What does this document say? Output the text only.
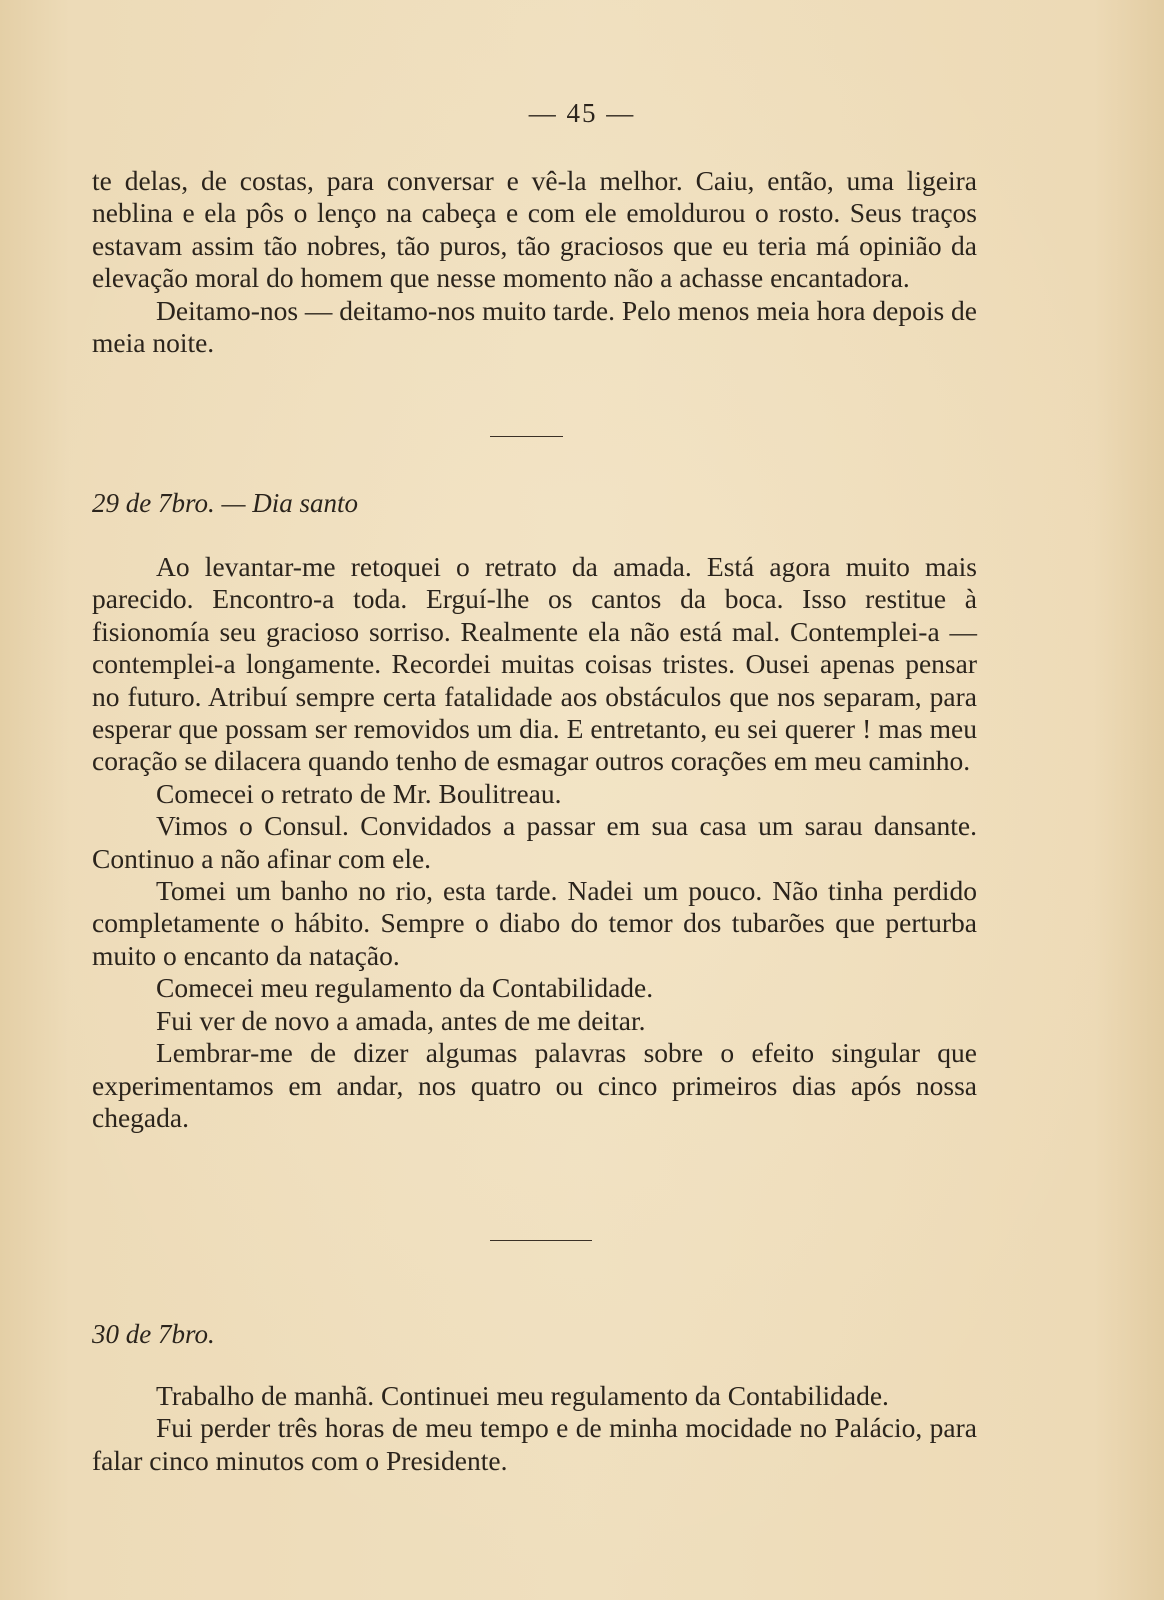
— 45 —

te delas, de costas, para conversar e vê-la melhor. Caiu, então, uma ligeira neblina e ela pôs o lenço na cabeça e com ele emoldurou o rosto. Seus traços estavam assim tão nobres, tão puros, tão graciosos que eu teria má opinião da elevação moral do homem que nesse momento não a achasse encantadora.

Deitamo-nos — deitamo-nos muito tarde. Pelo menos meia hora depois de meia noite.

29 de 7bro. — Dia santo

Ao levantar-me retoquei o retrato da amada. Está agora muito mais parecido. Encontro-a toda. Erguí-lhe os cantos da boca. Isso restitue à fisionomía seu gracioso sorriso. Realmente ela não está mal. Contemplei-a — contemplei-a longamente. Recordei muitas coisas tristes. Ousei apenas pensar no futuro. Atribuí sempre certa fatalidade aos obstáculos que nos separam, para esperar que possam ser removidos um dia. E entretanto, eu sei querer ! mas meu coração se dilacera quando tenho de esmagar outros corações em meu caminho.

Comecei o retrato de Mr. Boulitreau.

Vimos o Consul. Convidados a passar em sua casa um sarau dansante. Continuo a não afinar com ele.

Tomei um banho no rio, esta tarde. Nadei um pouco. Não tinha perdido completamente o hábito. Sempre o diabo do temor dos tubarões que perturba muito o encanto da natação.

Comecei meu regulamento da Contabilidade.

Fui ver de novo a amada, antes de me deitar.

Lembrar-me de dizer algumas palavras sobre o efeito singular que experimentamos em andar, nos quatro ou cinco primeiros dias após nossa chegada.

30 de 7bro.

Trabalho de manhã. Continuei meu regulamento da Contabilidade.

Fui perder três horas de meu tempo e de minha mocidade no Palácio, para falar cinco minutos com o Presidente.
